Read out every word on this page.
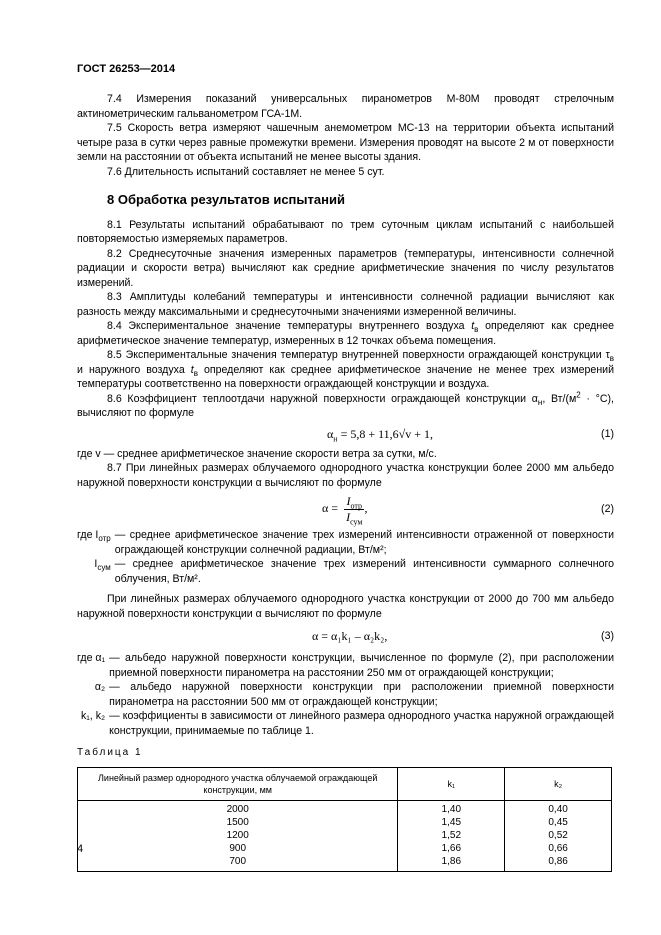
ГОСТ 26253—2014

7.4 Измерения показаний универсальных пиранометров М-80М проводят стрелочным актинометрическим гальванометром ГСА-1М.

7.5 Скорость ветра измеряют чашечным анемометром МС-13 на территории объекта испытаний четыре раза в сутки через равные промежутки времени. Измерения проводят на высоте 2 м от поверхности земли на расстоянии от объекта испытаний не менее высоты здания.

7.6 Длительность испытаний составляет не менее 5 сут.

8 Обработка результатов испытаний

8.1 Результаты испытаний обрабатывают по трем суточным циклам испытаний с наибольшей повторяемостью измеряемых параметров.

8.2 Среднесуточные значения измеренных параметров (температуры, интенсивности солнечной радиации и скорости ветра) вычисляют как средние арифметические значения по числу результатов измерений.

8.3 Амплитуды колебаний температуры и интенсивности солнечной радиации вычисляют как разность между максимальными и среднесуточными значениями измеренной величины.

8.4 Экспериментальное значение температуры внутреннего воздуха $t_в$ определяют как среднее арифметическое значение температур, измеренных в 12 точках объема помещения.

8.5 Экспериментальные значения температур внутренней поверхности ограждающей конструкции $\tau_в$ и наружного воздуха $t_в$ определяют как среднее арифметическое значение не менее трех измерений температуры соответственно на поверхности ограждающей конструкции и воздуха.

8.6 Коэффициент теплоотдачи наружной поверхности ограждающей конструкции $\alpha_н$, $Вт/(м^2 \cdot ^\circ С)$, вычисляют по формуле

$\alpha_н = 5,8 + 11,6√v + 1$,	(1)

где v — среднее арифметическое значение скорости ветра за сутки, м/с.

8.7 При линейных размерах облучаемого однородного участка конструкции более 2000 мм альбедо наружной поверхности конструкции α вычисляют по формуле

$\alpha = \frac{I_{отр}}{I_{сум}}$ ,	(2)
где $I_{отр}$	— среднее арифметическое значение трех измерений интенсивности отраженной от поверхности ограждающей конструкции солнечной радиации, Вт/м²;
$I_{сум}$	— среднее арифметическое значение трех измерений интенсивности суммарного солнечного облучения, Вт/м².

При линейных размерах облучаемого однородного участка конструкции от 2000 до 700 мм альбедо наружной поверхности конструкции α вычисляют по формуле

α = α₁k₁ – α₂k₂,	(3)
где α₁	— альбедо наружной поверхности конструкции, вычисленное по формуле (2), при расположении приемной поверхности пиранометра на расстоянии 250 мм от ограждающей конструкции;
α₂	— альбедо наружной поверхности конструкции при расположении приемной поверхности пиранометра на расстоянии 500 мм от ограждающей конструкции;
k₁, k₂	— коэффициенты в зависимости от линейного размера однородного участка наружной ограждающей конструкции, принимаемые по таблице 1.
Таблица 1
Линейный размер однородного участка облучаемой ограждающей конструкции, мм	k₁	k₂
2000	1,40	0,40
1500	1,45	0,45
1200	1,52	0,52
900	1,66	0,66
700	1,86	0,86
4
